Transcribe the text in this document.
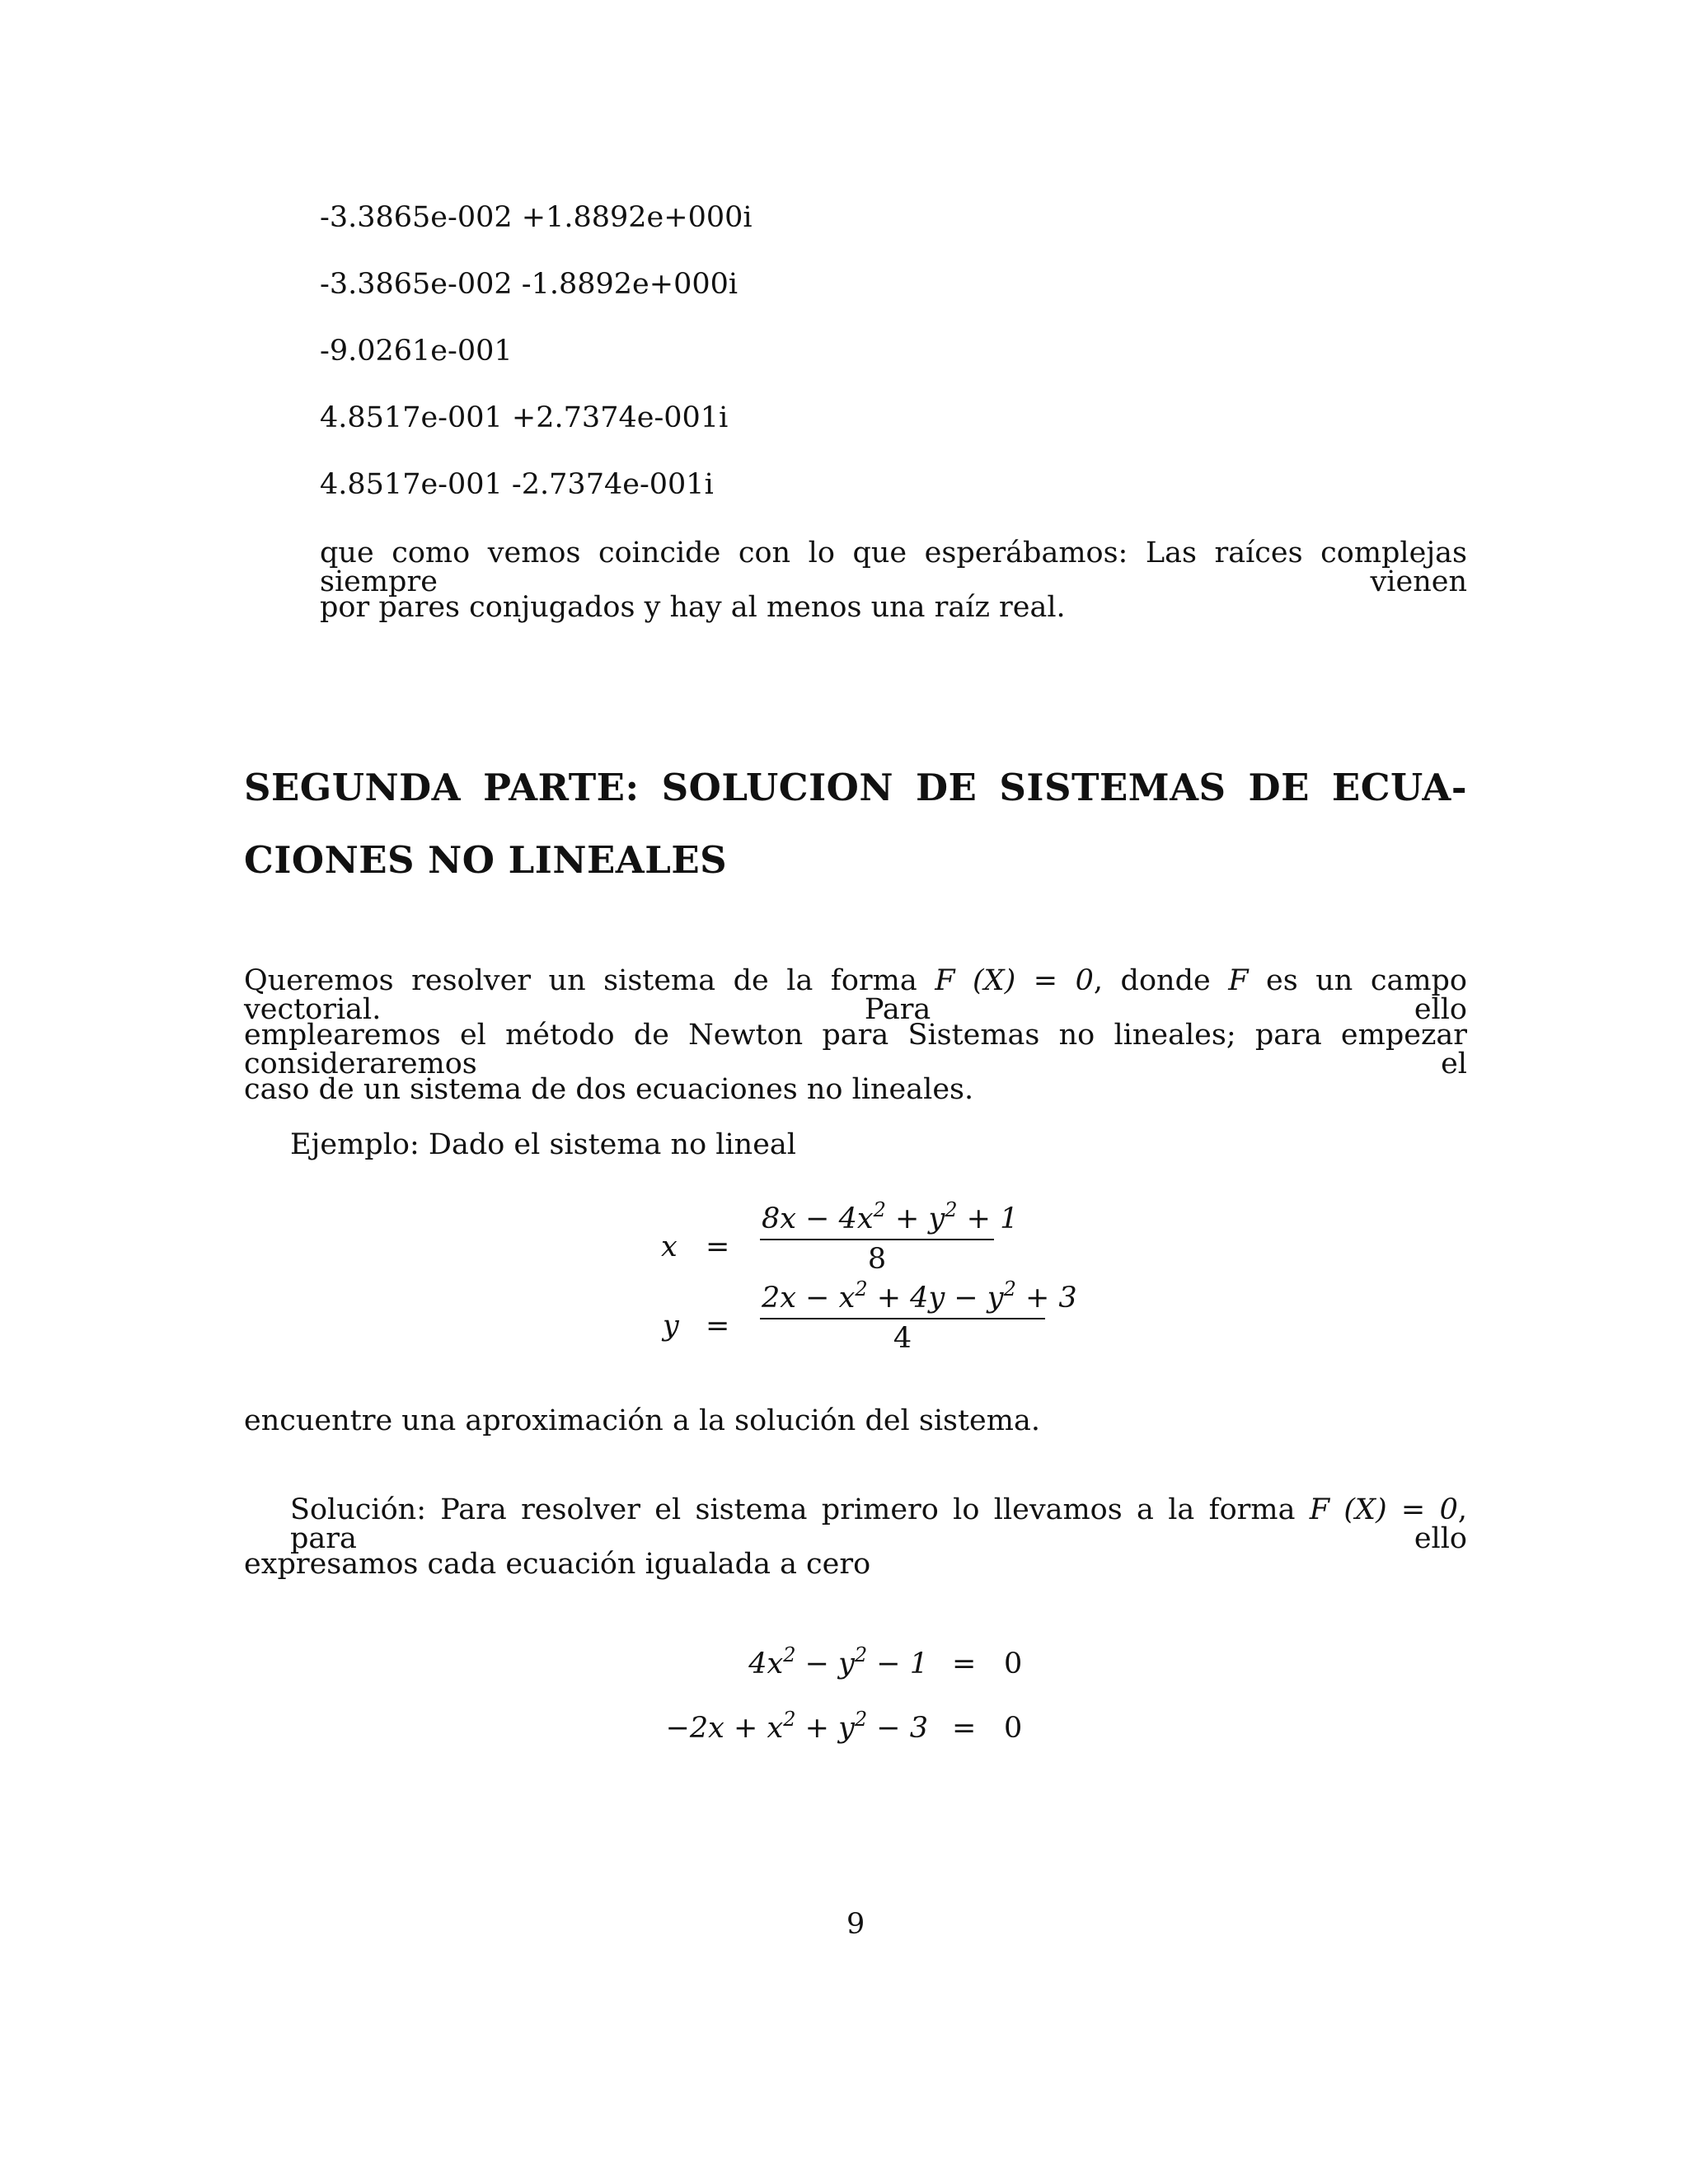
-3.3865e-002 +1.8892e+000i

-3.3865e-002 -1.8892e+000i

-9.0261e-001

4.8517e-001 +2.7374e-001i

4.8517e-001 -2.7374e-001i

que como vemos coincide con lo que esperábamos: Las raíces complejas siempre vienen

por pares conjugados y hay al menos una raíz real.

SEGUNDA PARTE: SOLUCION DE SISTEMAS DE ECUA-
CIONES NO LINEALES

Queremos resolver un sistema de la forma F (X) = 0, donde F es un campo vectorial. Para ello

emplearemos el método de Newton para Sistemas no lineales; para empezar consideraremos el

caso de un sistema de dos ecuaciones no lineales.

Ejemplo: Dado el sistema no lineal

x =
$8x - 4x^2 + y^2 + 1$
8
y =
$2x - x^2 + 4y - y^2 + 3$
4

encuentre una aproximación a la solución del sistema.

Solución: Para resolver el sistema primero lo llevamos a la forma F (X) = 0, para ello

expresamos cada ecuación igualada a cero

$4x^2 - y^2 - 1 = 0$
$-2x + x^2 + y^2 - 3 = 0$
9
